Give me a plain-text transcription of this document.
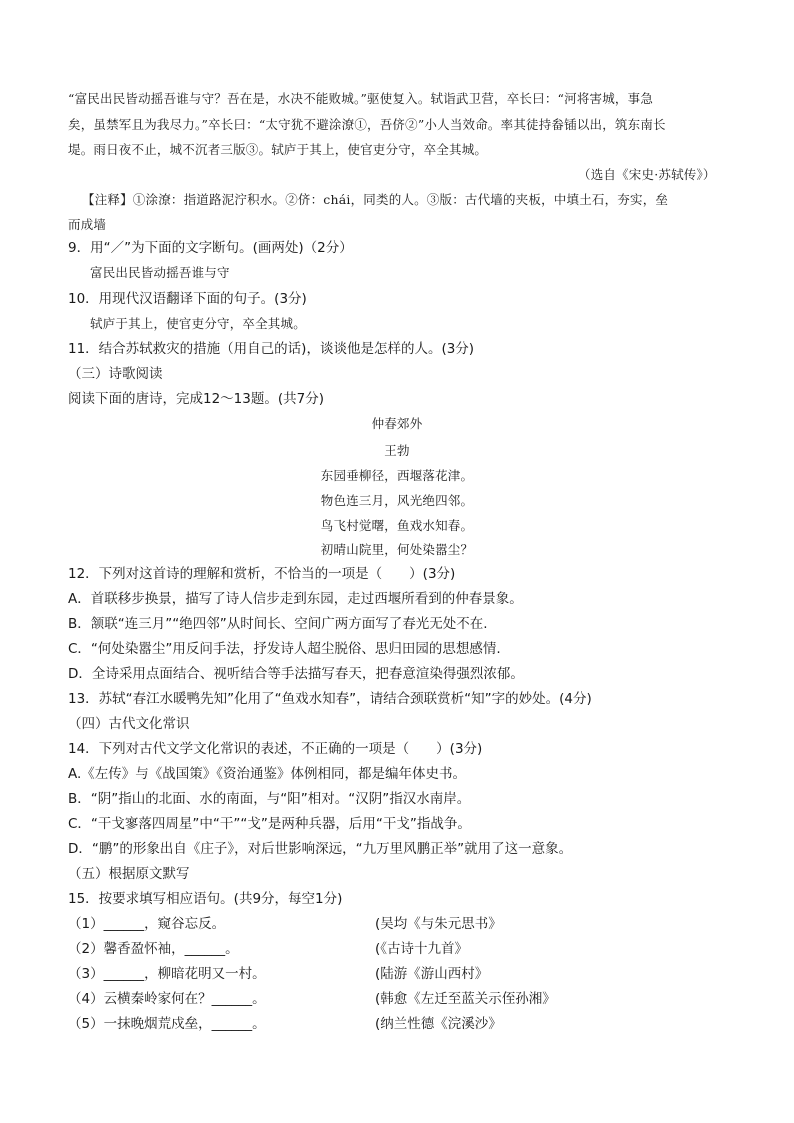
“富民出民皆动摇吾谁与守？吾在是，水决不能败城。”驱使复入。轼诣武卫营，卒长曰：“河将害城，事急
矣，虽禁军且为我尽力。”卒长曰：“太守犹不避涂潦①，吾侪②”小人当效命。率其徒持畚锸以出，筑东南长
堤。雨日夜不止，城不沉者三版③。轼庐于其上，使官吏分守，卒全其城。
（选自《宋史·苏轼传》）
【注释】①涂潦：指道路泥泞积水。②侪：chái，同类的人。③版：古代墙的夹板，中填土石，夯实，垒
而成墙
9．用“／”为下面的文字断句。(画两处)（2分）
富民出民皆动摇吾谁与守
10．用现代汉语翻译下面的句子。(3分)
轼庐于其上，使官吏分守，卒全其城。
11．结合苏轼救灾的措施（用自己的话)，谈谈他是怎样的人。(3分)
（三）诗歌阅读
阅读下面的唐诗，完成12～13题。(共7分)
仲春郊外
王勃
东园垂柳径，西堰落花津。
物色连三月，风光绝四邻。
鸟飞村觉曙，鱼戏水知春。
初晴山院里，何处染嚣尘？
12．下列对这首诗的理解和赏析，不恰当的一项是（　　）(3分)
A．首联移步换景，描写了诗人信步走到东园，走过西堰所看到的仲春景象。
B．颔联“连三月”“绝四邻”从时间长、空间广两方面写了春光无处不在.
C．“何处染嚣尘”用反问手法，抒发诗人超尘脱俗、思归田园的思想感情.
D．全诗采用点面结合、视听结合等手法描写春天，把春意渲染得强烈浓郁。
13．苏轼“春江水暖鸭先知”化用了“鱼戏水知春”，请结合颈联赏析“知”字的妙处。(4分)
（四）古代文化常识
14．下列对古代文学文化常识的表述，不正确的一项是（　　）(3分)
A.《左传》与《战国策》《资治通鉴》体例相同，都是编年体史书。
B．“阴”指山的北面、水的南面，与“阳”相对。“汉阴”指汉水南岸。
C．“干戈寥落四周星”中“干”“戈”是两种兵器，后用“干戈”指战争。
D．“鹏”的形象出自《庄子》，对后世影响深远，“九万里风鹏正举”就用了这一意象。
（五）根据原文默写
15．按要求填写相应语句。(共9分，每空1分)
（1）______，窥谷忘反。	(吴均《与朱元思书》
（2）馨香盈怀袖，______。	(《古诗十九首》
（3）______，柳暗花明又一村。	(陆游《游山西村》
（4）云横秦岭家何在？______。	(韩愈《左迁至蓝关示侄孙湘》
（5）一抹晚烟荒戍垒，______。	(纳兰性德《浣溪沙》
